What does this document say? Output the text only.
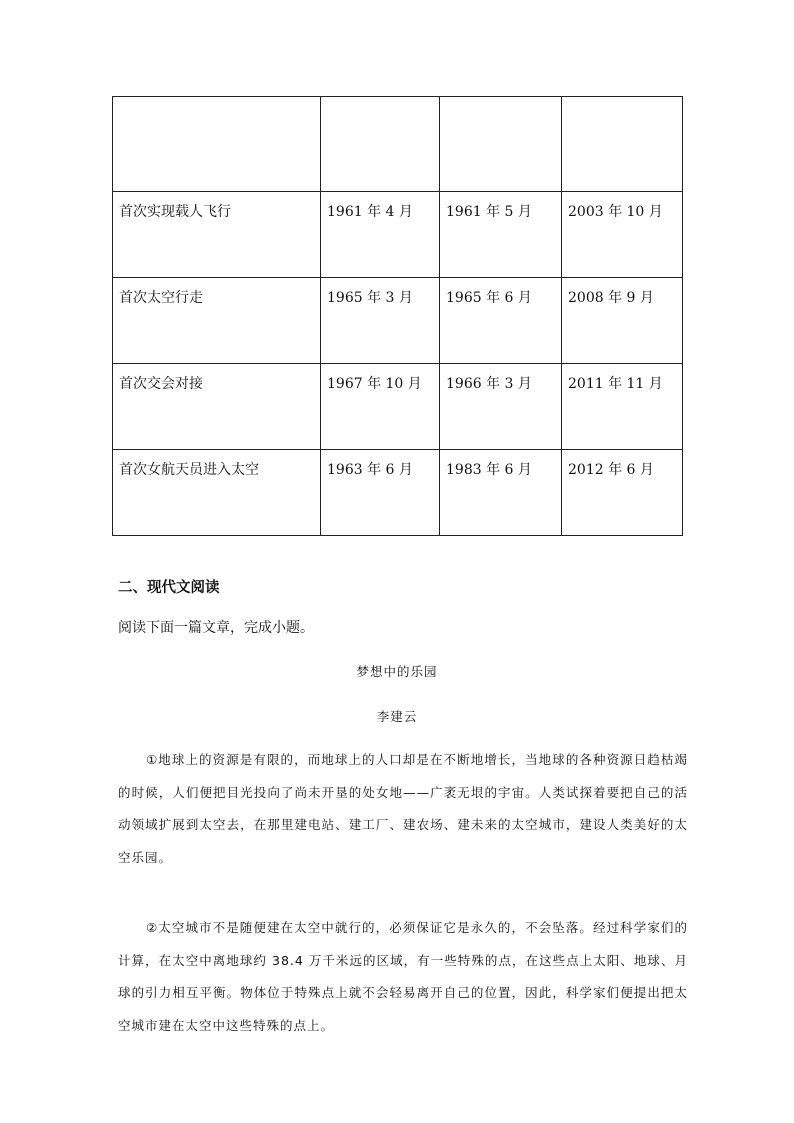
首次实现载人飞行	1961 年 4 月	1961 年 5 月	2003 年 10 月
首次太空行走	1965 年 3 月	1965 年 6 月	2008 年 9 月
首次交会对接	1967 年 10 月	1966 年 3 月	2011 年 11 月
首次女航天员进入太空	1963 年 6 月	1983 年 6 月	2012 年 6 月
二、现代文阅读
阅读下面一篇文章，完成小题。
梦想中的乐园
李建云

①地球上的资源是有限的，而地球上的人口却是在不断地增长，当地球的各种资源日趋枯竭的时候，人们便把目光投向了尚未开垦的处女地——广袤无垠的宇宙。人类试探着要把自己的活动领域扩展到太空去，在那里建电站、建工厂、建农场、建未来的太空城市，建设人类美好的太空乐园。

②太空城市不是随便建在太空中就行的，必须保证它是永久的，不会坠落。经过科学家们的计算，在太空中离地球约 38.4 万千米远的区域，有一些特殊的点，在这些点上太阳、地球、月球的引力相互平衡。物体位于特殊点上就不会轻易离开自己的位置，因此，科学家们便提出把太空城市建在太空中这些特殊的点上。
